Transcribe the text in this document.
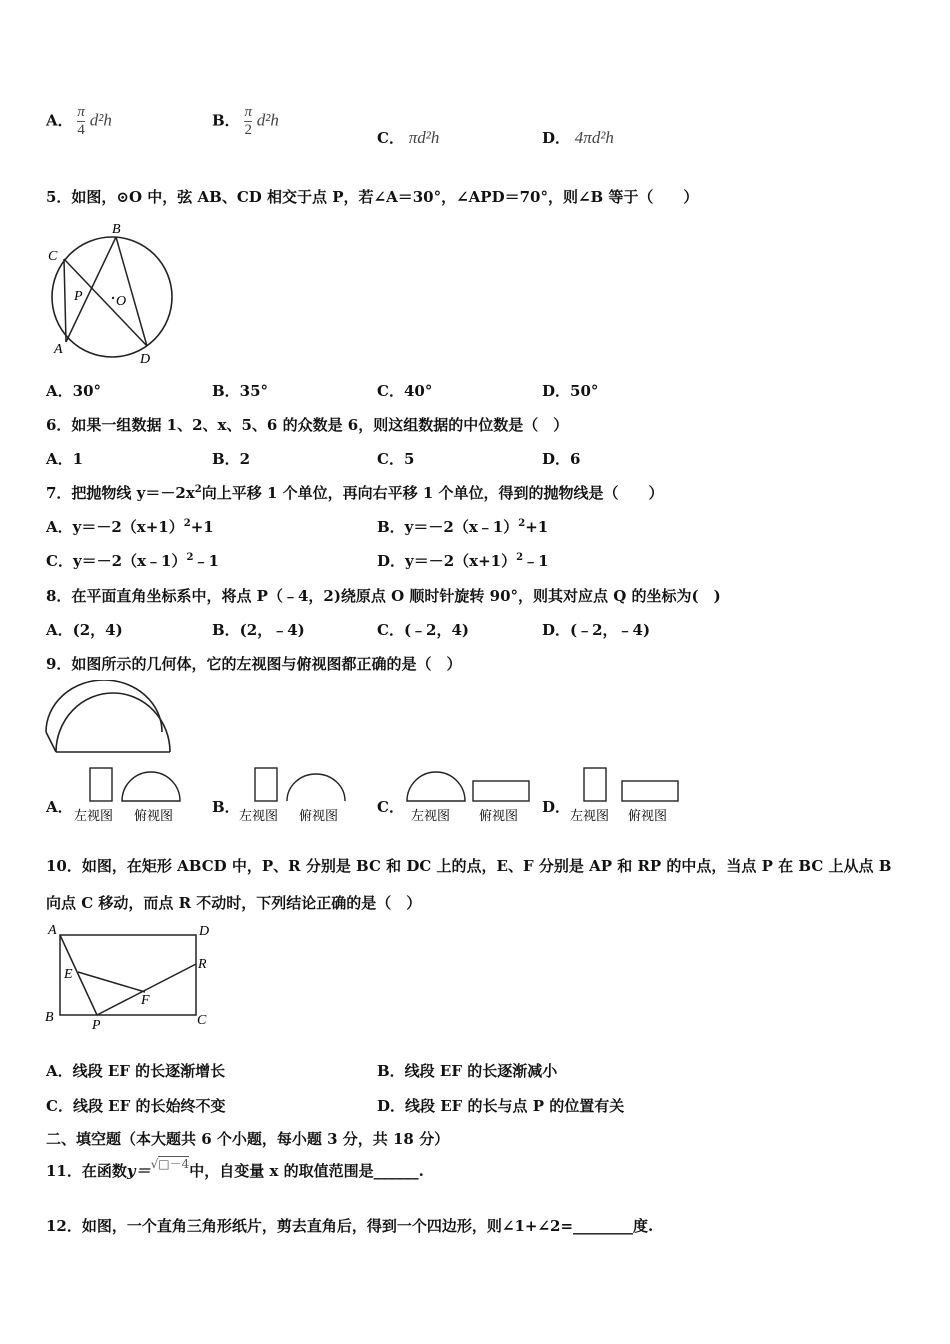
A． $\frac{\pi}{4} d^2h$	B． $\frac{\pi}{2} d^2h$
C． πd²h	D． 4πd²h
5．如图，⊙O 中，弦 AB、CD 相交于点 P，若∠A＝30°，∠APD＝70°，则∠B 等于（　　）
C
B
P O
A
D
A．30°	B．35°	C．40°	D．50°
6．如果一组数据 1、2、x、5、6 的众数是 6，则这组数据的中位数是（　）
A．1	B．2	C．5	D．6
7．把抛物线 $y=-2x^2$向上平移 1 个单位，再向右平移 1 个单位，得到的抛物线是（　　）
A．$y=-2(x+1)^2+1$	B．y＝－2（x﹣1）$^2$+1
C．y＝－2（x﹣1）$^2$﹣1	D．$y=-2(x+1)^2﹣1$
8．在平面直角坐标系中，将点 P（﹣4，2)绕原点 O 顺时针旋转 90°，则其对应点 Q 的坐标为(　)
A．(2，4)	B．(2，﹣4)	C．(﹣2，4)	D．(﹣2，﹣4)
9．如图所示的几何体，它的左视图与俯视图都正确的是（　）
A．
左视图 俯视图
B．
左视图 俯视图
C．
左视图 俯视图
D．
左视图 俯视图
10．如图，在矩形 ABCD 中，P、R 分别是 BC 和 DC 上的点，E、F 分别是 AP 和 RP 的中点，当点 P 在 BC 上从点 B
向点 C 移动，而点 R 不动时，下列结论正确的是（　）
A	D
E
R
F
B
P	C
A．线段 EF 的长逐渐增长	B．线段 EF 的长逐渐减小
C．线段 EF 的长始终不变	D．线段 EF 的长与点 P 的位置有关
二、填空题（本大题共 6 个小题，每小题 3 分，共 18 分）
11．在函数y＝$^{√□-4}$中，自变量 x 的取值范围是______.
12．如图，一个直角三角形纸片，剪去直角后，得到一个四边形，则∠1+∠2=________度.
